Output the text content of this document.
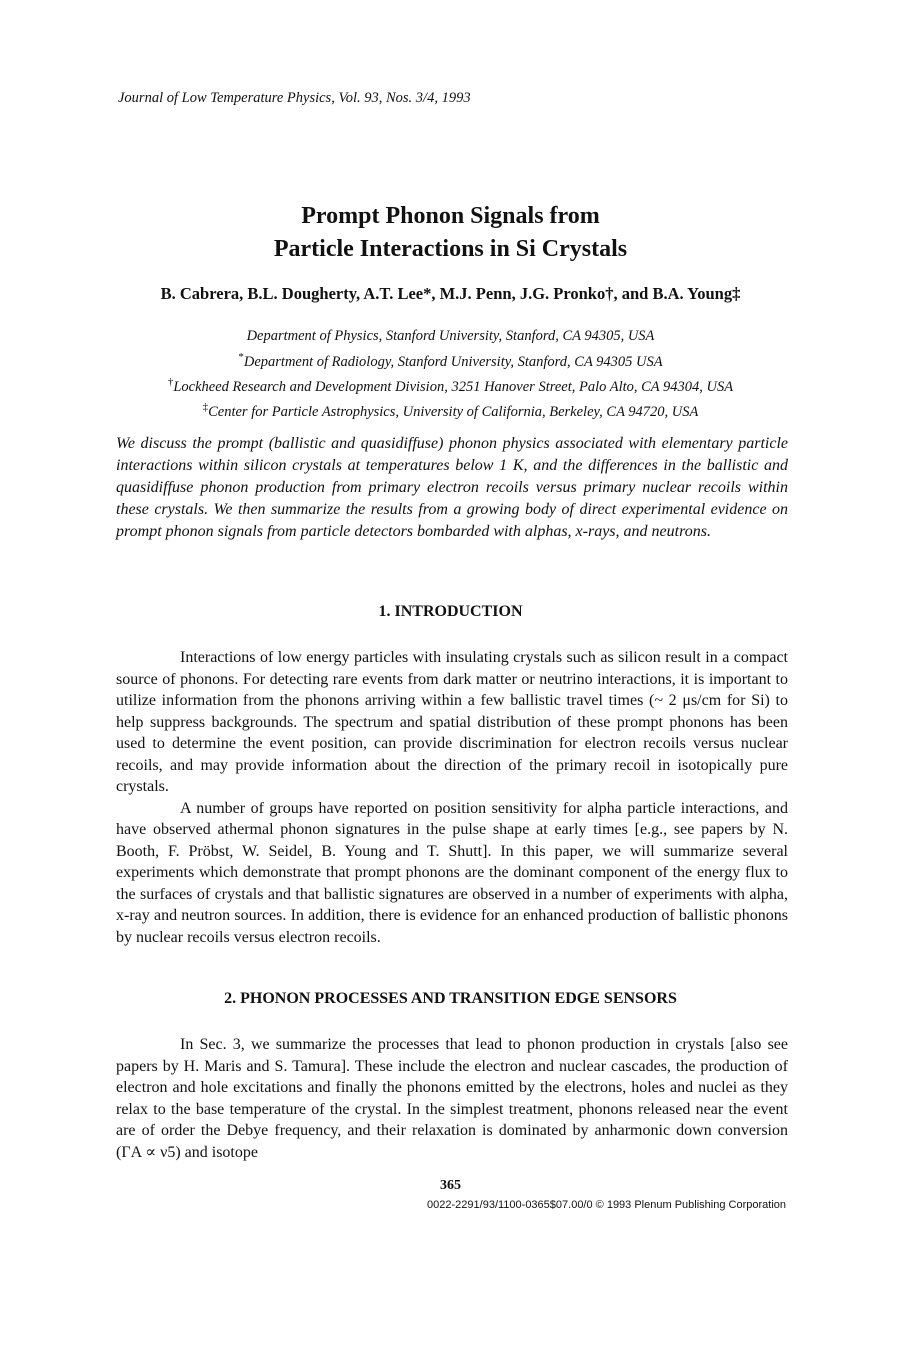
Journal of Low Temperature Physics, Vol. 93, Nos. 3/4, 1993
Prompt Phonon Signals from
Particle Interactions in Si Crystals
B. Cabrera, B.L. Dougherty, A.T. Lee*, M.J. Penn, J.G. Pronko†, and B.A. Young‡
Department of Physics, Stanford University, Stanford, CA 94305, USA
*Department of Radiology, Stanford University, Stanford, CA 94305 USA
†Lockheed Research and Development Division, 3251 Hanover Street, Palo Alto, CA 94304, USA
‡Center for Particle Astrophysics, University of California, Berkeley, CA 94720, USA
We discuss the prompt (ballistic and quasidiffuse) phonon physics associated with elementary particle interactions within silicon crystals at temperatures below 1 K, and the differences in the ballistic and quasidiffuse phonon production from primary electron recoils versus primary nuclear recoils within these crystals. We then summarize the results from a growing body of direct experimental evidence on prompt phonon signals from particle detectors bombarded with alphas, x-rays, and neutrons.
1. INTRODUCTION

Interactions of low energy particles with insulating crystals such as silicon result in a compact source of phonons. For detecting rare events from dark matter or neutrino interactions, it is important to utilize information from the phonons arriving within a few ballistic travel times (~ 2 μs/cm for Si) to help suppress backgrounds. The spectrum and spatial distribution of these prompt phonons has been used to determine the event position, can provide discrimination for electron recoils versus nuclear recoils, and may provide information about the direction of the primary recoil in isotopically pure crystals.

A number of groups have reported on position sensitivity for alpha particle interactions, and have observed athermal phonon signatures in the pulse shape at early times [e.g., see papers by N. Booth, F. Pröbst, W. Seidel, B. Young and T. Shutt]. In this paper, we will summarize several experiments which demonstrate that prompt phonons are the dominant component of the energy flux to the surfaces of crystals and that ballistic signatures are observed in a number of experiments with alpha, x-ray and neutron sources. In addition, there is evidence for an enhanced production of ballistic phonons by nuclear recoils versus electron recoils.

2. PHONON PROCESSES AND TRANSITION EDGE SENSORS

In Sec. 3, we summarize the processes that lead to phonon production in crystals [also see papers by H. Maris and S. Tamura]. These include the electron and nuclear cascades, the production of electron and hole excitations and finally the phonons emitted by the electrons, holes and nuclei as they relax to the base temperature of the crystal. In the simplest treatment, phonons released near the event are of order the Debye frequency, and their relaxation is dominated by anharmonic down conversion (ΓA ∝ ν5) and isotope

365
0022-2291/93/1100-0365$07.00/0 © 1993 Plenum Publishing Corporation
